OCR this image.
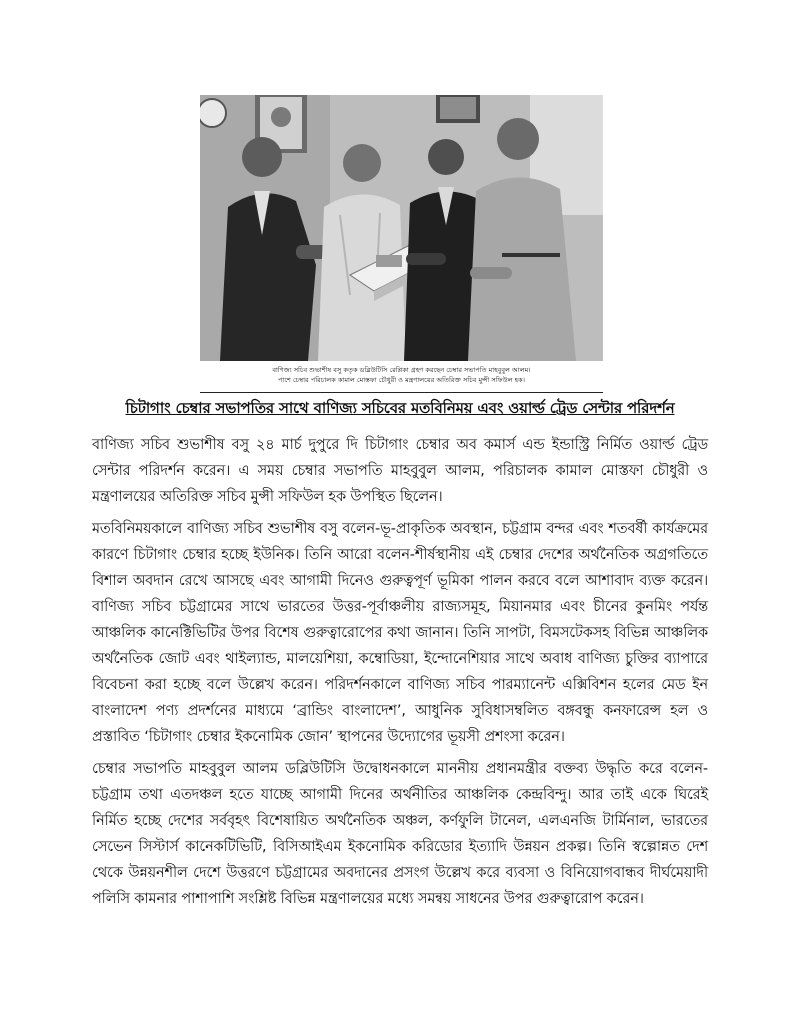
বাণিজ্য সচিব শুভাশীষ বসু কতৃক ডব্লিউটিসি রেপ্লিকা গ্রহণ করছেন চেম্বার সভাপতি মাহবুবুল আলম।
পাশে চেম্বার পরিচালক কামাল মোস্তফা চৌধুরী ও মন্ত্রণালয়ের অতিরিক্ত সচিব মুন্সী সফিউল হক।
চিটাগাং চেম্বার সভাপতির সাথে বাণিজ্য সচিবের মতবিনিময় এবং ওয়ার্ল্ড ট্রেড সেন্টার পরিদর্শন

বাণিজ্য সচিব শুভাশীষ বসু ২৪ মার্চ দুপুরে দি চিটাগাং চেম্বার অব কমার্স এন্ড ইন্ডাস্ট্রি নির্মিত ওয়ার্ল্ড ট্রেড সেন্টার পরিদর্শন করেন। এ সময় চেম্বার সভাপতি মাহবুবুল আলম, পরিচালক কামাল মোস্তফা চৌধুরী ও মন্ত্রণালয়ের অতিরিক্ত সচিব মুন্সী সফিউল হক উপস্থিত ছিলেন।

মতবিনিময়কালে বাণিজ্য সচিব শুভাশীষ বসু বলেন-ভূ-প্রাকৃতিক অবস্থান, চট্টগ্রাম বন্দর এবং শতবর্ষী কার্যক্রমের কারণে চিটাগাং চেম্বার হচ্ছে ইউনিক। তিনি আরো বলেন-শীর্ষস্থানীয় এই চেম্বার দেশের অর্থনৈতিক অগ্রগতিতে বিশাল অবদান রেখে আসছে এবং আগামী দিনেও গুরুত্বপূর্ণ ভূমিকা পালন করবে বলে আশাবাদ ব্যক্ত করেন। বাণিজ্য সচিব চট্টগ্রামের সাথে ভারতের উত্তর-পূর্বাঞ্চলীয় রাজ্যসমূহ, মিয়ানমার এবং চীনের কুনমিং পর্যন্ত আঞ্চলিক কানেক্টিভিটির উপর বিশেষ গুরুত্বারোপের কথা জানান। তিনি সাপটা, বিমসটেকসহ বিভিন্ন আঞ্চলিক অর্থনৈতিক জোট এবং থাইল্যান্ড, মালয়েশিয়া, কম্বোডিয়া, ইন্দোনেশিয়ার সাথে অবাধ বাণিজ্য চুক্তির ব্যাপারে বিবেচনা করা হচ্ছে বলে উল্লেখ করেন। পরিদর্শনকালে বাণিজ্য সচিব পারম্যানেন্ট এক্সিবিশন হলের মেড ইন বাংলাদেশ পণ্য প্রদর্শনের মাধ্যমে ‘ব্রান্ডিং বাংলাদেশ’, আধুনিক সুবিধাসম্বলিত বঙ্গবন্ধু কনফারেন্স হল ও প্রস্তাবিত ‘চিটাগাং চেম্বার ইকনোমিক জোন’ স্থাপনের উদ্যোগের ভূয়সী প্রশংসা করেন।

চেম্বার সভাপতি মাহবুবুল আলম ডব্লিউটিসি উদ্বোধনকালে মাননীয় প্রধানমন্ত্রীর বক্তব্য উদ্ধৃতি করে বলেন-চট্টগ্রাম তথা এতদঞ্চল হতে যাচ্ছে আগামী দিনের অর্থনীতির আঞ্চলিক কেন্দ্রবিন্দু। আর তাই একে ঘিরেই নির্মিত হচ্ছে দেশের সর্ববৃহৎ বিশেষায়িত অর্থনৈতিক অঞ্চল, কর্ণফুলি টানেল, এলএনজি টার্মিনাল, ভারতের সেভেন সিস্টার্স কানেকটিভিটি, বিসিআইএম ইকনোমিক করিডোর ইত্যাদি উন্নয়ন প্রকল্প। তিনি স্বল্পোন্নত দেশ থেকে উন্নয়নশীল দেশে উত্তরণে চট্টগ্রামের অবদানের প্রসংগ উল্লেখ করে ব্যবসা ও বিনিয়োগবান্ধব দীর্ঘমেয়াদী পলিসি কামনার পাশাপাশি সংশ্লিষ্ট বিভিন্ন মন্ত্রণালয়ের মধ্যে সমন্বয় সাধনের উপর গুরুত্বারোপ করেন।
